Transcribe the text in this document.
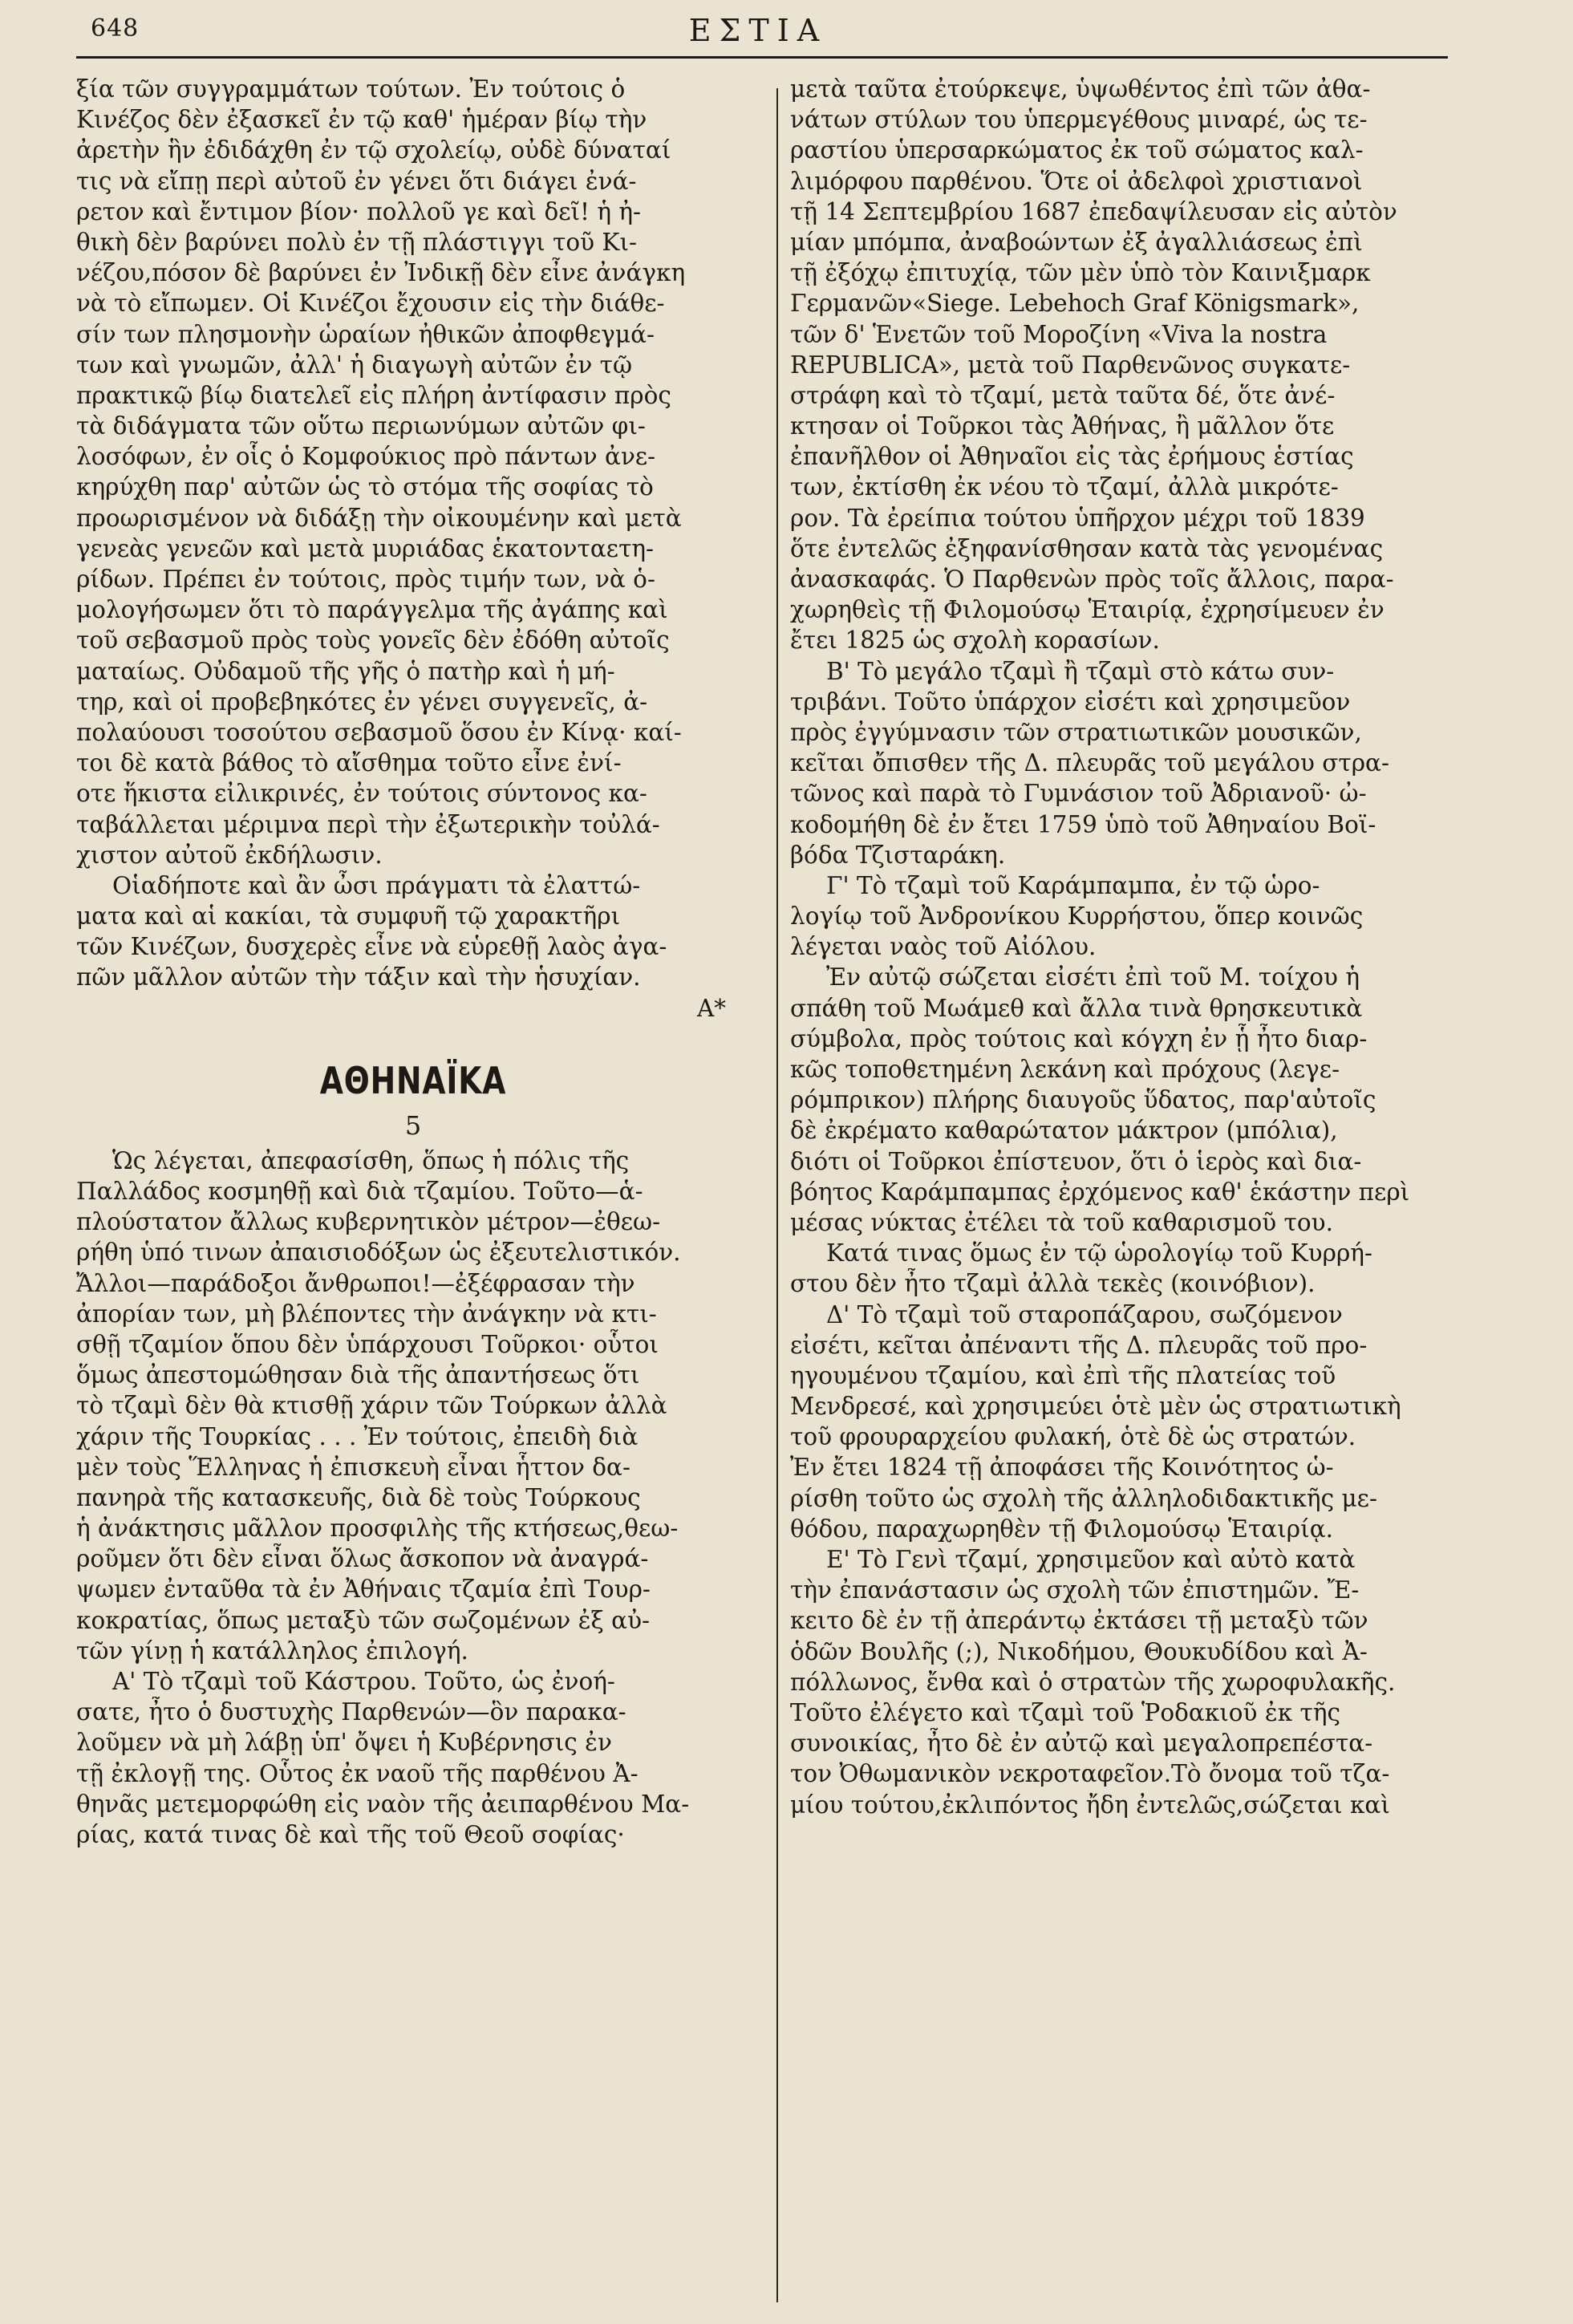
648	ΕΣΤΙΑ
ξία τῶν συγγραμμάτων τούτων. Ἐν τούτοις ὁ
Κινέζος δὲν ἐξασκεῖ ἐν τῷ καθ' ἡμέραν βίῳ τὴν
ἀρετὴν ἣν ἐδιδάχθη ἐν τῷ σχολείῳ, οὐδὲ δύναταί
τις νὰ εἴπῃ περὶ αὐτοῦ ἐν γένει ὅτι διάγει ἐνά-
ρετον καὶ ἔντιμον βίον· πολλοῦ γε καὶ δεῖ! ἡ ἠ-
θικὴ δὲν βαρύνει πολὺ ἐν τῇ πλάστιγγι τοῦ Κι-
νέζου,πόσον δὲ βαρύνει ἐν Ἰνδικῇ δὲν εἶνε ἀνάγκη
νὰ τὸ εἴπωμεν. Οἱ Κινέζοι ἔχουσιν εἰς τὴν διάθε-
σίν των πλησμονὴν ὡραίων ἠθικῶν ἀποφθεγμά-
των καὶ γνωμῶν, ἀλλ' ἡ διαγωγὴ αὐτῶν ἐν τῷ
πρακτικῷ βίῳ διατελεῖ εἰς πλήρη ἀντίφασιν πρὸς
τὰ διδάγματα τῶν οὕτω περιωνύμων αὐτῶν φι-
λοσόφων, ἐν οἷς ὁ Κομφούκιος πρὸ πάντων ἀνε-
κηρύχθη παρ' αὐτῶν ὡς τὸ στόμα τῆς σοφίας τὸ
προωρισμένον νὰ διδάξῃ τὴν οἰκουμένην καὶ μετὰ
γενεὰς γενεῶν καὶ μετὰ μυριάδας ἑκατονταετη-
ρίδων. Πρέπει ἐν τούτοις, πρὸς τιμήν των, νὰ ὁ-
μολογήσωμεν ὅτι τὸ παράγγελμα τῆς ἀγάπης καὶ
τοῦ σεβασμοῦ πρὸς τοὺς γονεῖς δὲν ἐδόθη αὐτοῖς
ματαίως. Οὐδαμοῦ τῆς γῆς ὁ πατὴρ καὶ ἡ μή-
τηρ, καὶ οἱ προβεβηκότες ἐν γένει συγγενεῖς, ἀ-
πολαύουσι τοσούτου σεβασμοῦ ὅσου ἐν Κίνᾳ· καί-
τοι δὲ κατὰ βάθος τὸ αἴσθημα τοῦτο εἶνε ἐνί-
οτε ἥκιστα εἰλικρινές, ἐν τούτοις σύντονος κα-
ταβάλλεται μέριμνα περὶ τὴν ἐξωτερικὴν τοὐλά-
χιστον αὐτοῦ ἐκδήλωσιν.
Οἱαδήποτε καὶ ἂν ὦσι πράγματι τὰ ἐλαττώ-
ματα καὶ αἱ κακίαι, τὰ συμφυῆ τῷ χαρακτῆρι
τῶν Κινέζων, δυσχερὲς εἶνε νὰ εὑρεθῇ λαὸς ἀγα-
πῶν μᾶλλον αὐτῶν τὴν τάξιν καὶ τὴν ἡσυχίαν.
Α*
ΑΘΗΝΑΪΚΑ
5
Ὡς λέγεται, ἀπεφασίσθη, ὅπως ἡ πόλις τῆς
Παλλάδος κοσμηθῇ καὶ διὰ τζαμίου. Τοῦτο—ἁ-
πλούστατον ἄλλως κυβερνητικὸν μέτρον—ἐθεω-
ρήθη ὑπό τινων ἀπαισιοδόξων ὡς ἐξευτελιστικόν.
Ἄλλοι—παράδοξοι ἄνθρωποι!—ἐξέφρασαν τὴν
ἀπορίαν των, μὴ βλέποντες τὴν ἀνάγκην νὰ κτι-
σθῇ τζαμίον ὅπου δὲν ὑπάρχουσι Τοῦρκοι· οὗτοι
ὅμως ἀπεστομώθησαν διὰ τῆς ἀπαντήσεως ὅτι
τὸ τζαμὶ δὲν θὰ κτισθῇ χάριν τῶν Τούρκων ἀλλὰ
χάριν τῆς Τουρκίας . . . Ἐν τούτοις, ἐπειδὴ διὰ
μὲν τοὺς Ἕλληνας ἡ ἐπισκευὴ εἶναι ἧττον δα-
πανηρὰ τῆς κατασκευῆς, διὰ δὲ τοὺς Τούρκους
ἡ ἀνάκτησις μᾶλλον προσφιλὴς τῆς κτήσεως,θεω-
ροῦμεν ὅτι δὲν εἶναι ὅλως ἄσκοπον νὰ ἀναγρά-
ψωμεν ἐνταῦθα τὰ ἐν Ἀθήναις τζαμία ἐπὶ Τουρ-
κοκρατίας, ὅπως μεταξὺ τῶν σωζομένων ἐξ αὐ-
τῶν γίνῃ ἡ κατάλληλος ἐπιλογή.
Α' Τὸ τζαμὶ τοῦ Κάστρου. Τοῦτο, ὡς ἐνοή-
σατε, ἦτο ὁ δυστυχὴς Παρθενών—ὃν παρακα-
λοῦμεν νὰ μὴ λάβῃ ὑπ' ὄψει ἡ Κυβέρνησις ἐν
τῇ ἐκλογῇ της. Οὗτος ἐκ ναοῦ τῆς παρθένου Ἀ-
θηνᾶς μετεμορφώθη εἰς ναὸν τῆς ἀειπαρθένου Μα-
ρίας, κατά τινας δὲ καὶ τῆς τοῦ Θεοῦ σοφίας·
μετὰ ταῦτα ἐτούρκεψε, ὑψωθέντος ἐπὶ τῶν ἀθα-
νάτων στύλων του ὑπερμεγέθους μιναρέ, ὡς τε-
ραστίου ὑπερσαρκώματος ἐκ τοῦ σώματος καλ-
λιμόρφου παρθένου. Ὅτε οἱ ἀδελφοὶ χριστιανοὶ
τῇ 14 Σεπτεμβρίου 1687 ἐπεδαψίλευσαν εἰς αὐτὸν
μίαν μπόμπα, ἀναβοώντων ἐξ ἀγαλλιάσεως ἐπὶ
τῇ ἐξόχῳ ἐπιτυχίᾳ, τῶν μὲν ὑπὸ τὸν Καινιξμαρκ
Γερμανῶν«Siege. Lebehoch Graf Königsmark»,
τῶν δ' Ἑνετῶν τοῦ Μοροζίνη «Viva la nostra
REPUBLICA», μετὰ τοῦ Παρθενῶνος συγκατε-
στράφη καὶ τὸ τζαμί, μετὰ ταῦτα δέ, ὅτε ἀνέ-
κτησαν οἱ Τοῦρκοι τὰς Ἀθήνας, ἢ μᾶλλον ὅτε
ἐπανῆλθον οἱ Ἀθηναῖοι εἰς τὰς ἐρήμους ἑστίας
των, ἐκτίσθη ἐκ νέου τὸ τζαμί, ἀλλὰ μικρότε-
ρον. Τὰ ἐρείπια τούτου ὑπῆρχον μέχρι τοῦ 1839
ὅτε ἐντελῶς ἐξηφανίσθησαν κατὰ τὰς γενομένας
ἀνασκαφάς. Ὁ Παρθενὼν πρὸς τοῖς ἄλλοις, παρα-
χωρηθεὶς τῇ Φιλομούσῳ Ἑταιρίᾳ, ἐχρησίμευεν ἐν
ἔτει 1825 ὡς σχολὴ κορασίων.
Β' Τὸ μεγάλο τζαμὶ ἢ τζαμὶ στὸ κάτω συν-
τριβάνι. Τοῦτο ὑπάρχον εἰσέτι καὶ χρησιμεῦον
πρὸς ἐγγύμνασιν τῶν στρατιωτικῶν μουσικῶν,
κεῖται ὄπισθεν τῆς Δ. πλευρᾶς τοῦ μεγάλου στρα-
τῶνος καὶ παρὰ τὸ Γυμνάσιον τοῦ Ἀδριανοῦ· ὠ-
κοδομήθη δὲ ἐν ἔτει 1759 ὑπὸ τοῦ Ἀθηναίου Βοϊ-
βόδα Τζισταράκη.
Γ' Τὸ τζαμὶ τοῦ Καράμπαμπα, ἐν τῷ ὡρο-
λογίῳ τοῦ Ἀνδρονίκου Κυρρήστου, ὅπερ κοινῶς
λέγεται ναὸς τοῦ Αἰόλου.
Ἐν αὐτῷ σώζεται εἰσέτι ἐπὶ τοῦ Μ. τοίχου ἡ
σπάθη τοῦ Μωάμεθ καὶ ἄλλα τινὰ θρησκευτικὰ
σύμβολα, πρὸς τούτοις καὶ κόγχη ἐν ᾗ ἦτο διαρ-
κῶς τοποθετημένη λεκάνη καὶ πρόχους (λεγε-
ρόμπρικον) πλήρης διαυγοῦς ὕδατος, παρ'αὐτοῖς
δὲ ἐκρέματο καθαρώτατον μάκτρον (μπόλια),
διότι οἱ Τοῦρκοι ἐπίστευον, ὅτι ὁ ἱερὸς καὶ δια-
βόητος Καράμπαμπας ἐρχόμενος καθ' ἑκάστην περὶ
μέσας νύκτας ἐτέλει τὰ τοῦ καθαρισμοῦ του.
Κατά τινας ὅμως ἐν τῷ ὡρολογίῳ τοῦ Κυρρή-
στου δὲν ἦτο τζαμὶ ἀλλὰ τεκὲς (κοινόβιον).
Δ' Τὸ τζαμὶ τοῦ σταροπάζαρου, σωζόμενον
εἰσέτι, κεῖται ἀπέναντι τῆς Δ. πλευρᾶς τοῦ προ-
ηγουμένου τζαμίου, καὶ ἐπὶ τῆς πλατείας τοῦ
Μενδρεσέ, καὶ χρησιμεύει ὁτὲ μὲν ὡς στρατιωτικὴ
τοῦ φρουραρχείου φυλακή, ὁτὲ δὲ ὡς στρατών.
Ἐν ἔτει 1824 τῇ ἀποφάσει τῆς Κοινότητος ὡ-
ρίσθη τοῦτο ὡς σχολὴ τῆς ἀλληλοδιδακτικῆς με-
θόδου, παραχωρηθὲν τῇ Φιλομούσῳ Ἑταιρίᾳ.
Ε' Τὸ Γενὶ τζαμί, χρησιμεῦον καὶ αὐτὸ κατὰ
τὴν ἐπανάστασιν ὡς σχολὴ τῶν ἐπιστημῶν. Ἔ-
κειτο δὲ ἐν τῇ ἀπεράντῳ ἐκτάσει τῇ μεταξὺ τῶν
ὁδῶν Βουλῆς (;), Νικοδήμου, Θουκυδίδου καὶ Ἀ-
πόλλωνος, ἔνθα καὶ ὁ στρατὼν τῆς χωροφυλακῆς.
Τοῦτο ἐλέγετο καὶ τζαμὶ τοῦ Ῥοδακιοῦ ἐκ τῆς
συνοικίας, ἦτο δὲ ἐν αὐτῷ καὶ μεγαλοπρεπέστα-
τον Ὀθωμανικὸν νεκροταφεῖον.Τὸ ὄνομα τοῦ τζα-
μίου τούτου,ἐκλιπόντος ἤδη ἐντελῶς,σώζεται καὶ
